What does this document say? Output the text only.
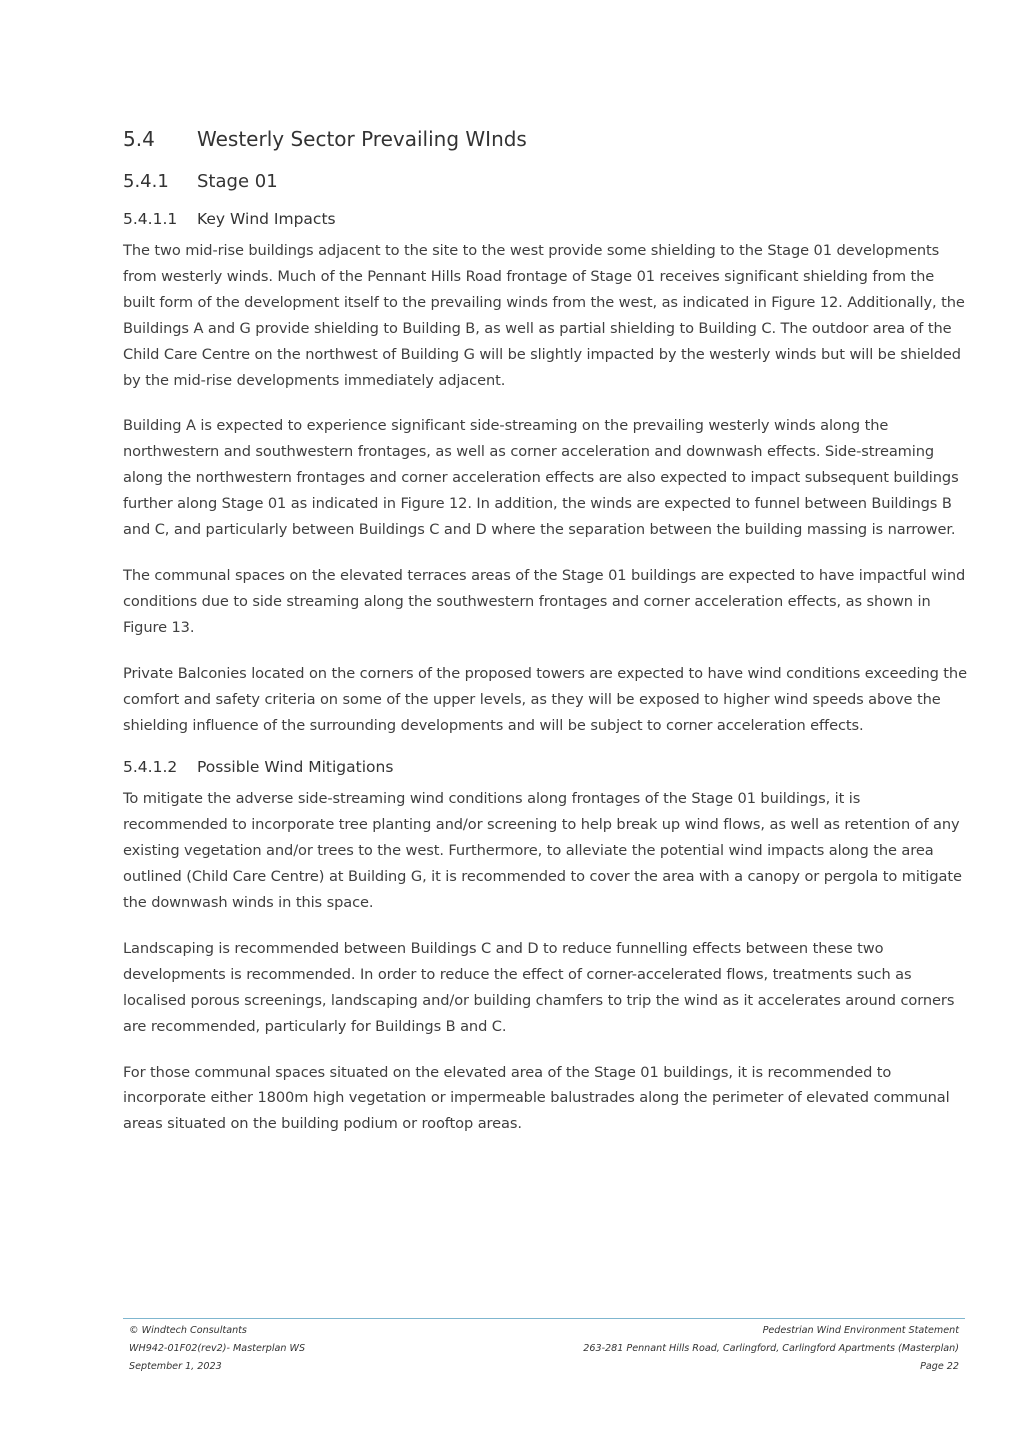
5.4	Westerly Sector Prevailing WInds
5.4.1	Stage 01
5.4.1.1	Key Wind Impacts

The two mid-rise buildings adjacent to the site to the west provide some shielding to the Stage 01 developments from westerly winds. Much of the Pennant Hills Road frontage of Stage 01 receives significant shielding from the built form of the development itself to the prevailing winds from the west, as indicated in Figure 12. Additionally, the Buildings A and G provide shielding to Building B, as well as partial shielding to Building C. The outdoor area of the Child Care Centre on the northwest of Building G will be slightly impacted by the westerly winds but will be shielded by the mid-rise developments immediately adjacent.

Building A is expected to experience significant side-streaming on the prevailing westerly winds along the northwestern and southwestern frontages, as well as corner acceleration and downwash effects. Side-streaming along the northwestern frontages and corner acceleration effects are also expected to impact subsequent buildings further along Stage 01 as indicated in Figure 12. In addition, the winds are expected to funnel between Buildings B and C, and particularly between Buildings C and D where the separation between the building massing is narrower.

The communal spaces on the elevated terraces areas of the Stage 01 buildings are expected to have impactful wind conditions due to side streaming along the southwestern frontages and corner acceleration effects, as shown in Figure 13.

Private Balconies located on the corners of the proposed towers are expected to have wind conditions exceeding the comfort and safety criteria on some of the upper levels, as they will be exposed to higher wind speeds above the shielding influence of the surrounding developments and will be subject to corner acceleration effects.

5.4.1.2	Possible Wind Mitigations

To mitigate the adverse side-streaming wind conditions along frontages of the Stage 01 buildings, it is recommended to incorporate tree planting and/or screening to help break up wind flows, as well as retention of any existing vegetation and/or trees to the west. Furthermore, to alleviate the potential wind impacts along the area outlined (Child Care Centre) at Building G, it is recommended to cover the area with a canopy or pergola to mitigate the downwash winds in this space.

Landscaping is recommended between Buildings C and D to reduce funnelling effects between these two developments is recommended. In order to reduce the effect of corner-accelerated flows, treatments such as localised porous screenings, landscaping and/or building chamfers to trip the wind as it accelerates around corners are recommended, particularly for Buildings B and C.

For those communal spaces situated on the elevated area of the Stage 01 buildings, it is recommended to incorporate either 1800m high vegetation or impermeable balustrades along the perimeter of elevated communal areas situated on the building podium or rooftop areas.

© Windtech Consultants	Pedestrian Wind Environment Statement
WH942-01F02(rev2)- Masterplan WS	263-281 Pennant Hills Road, Carlingford, Carlingford Apartments (Masterplan)
September 1, 2023	Page 22
